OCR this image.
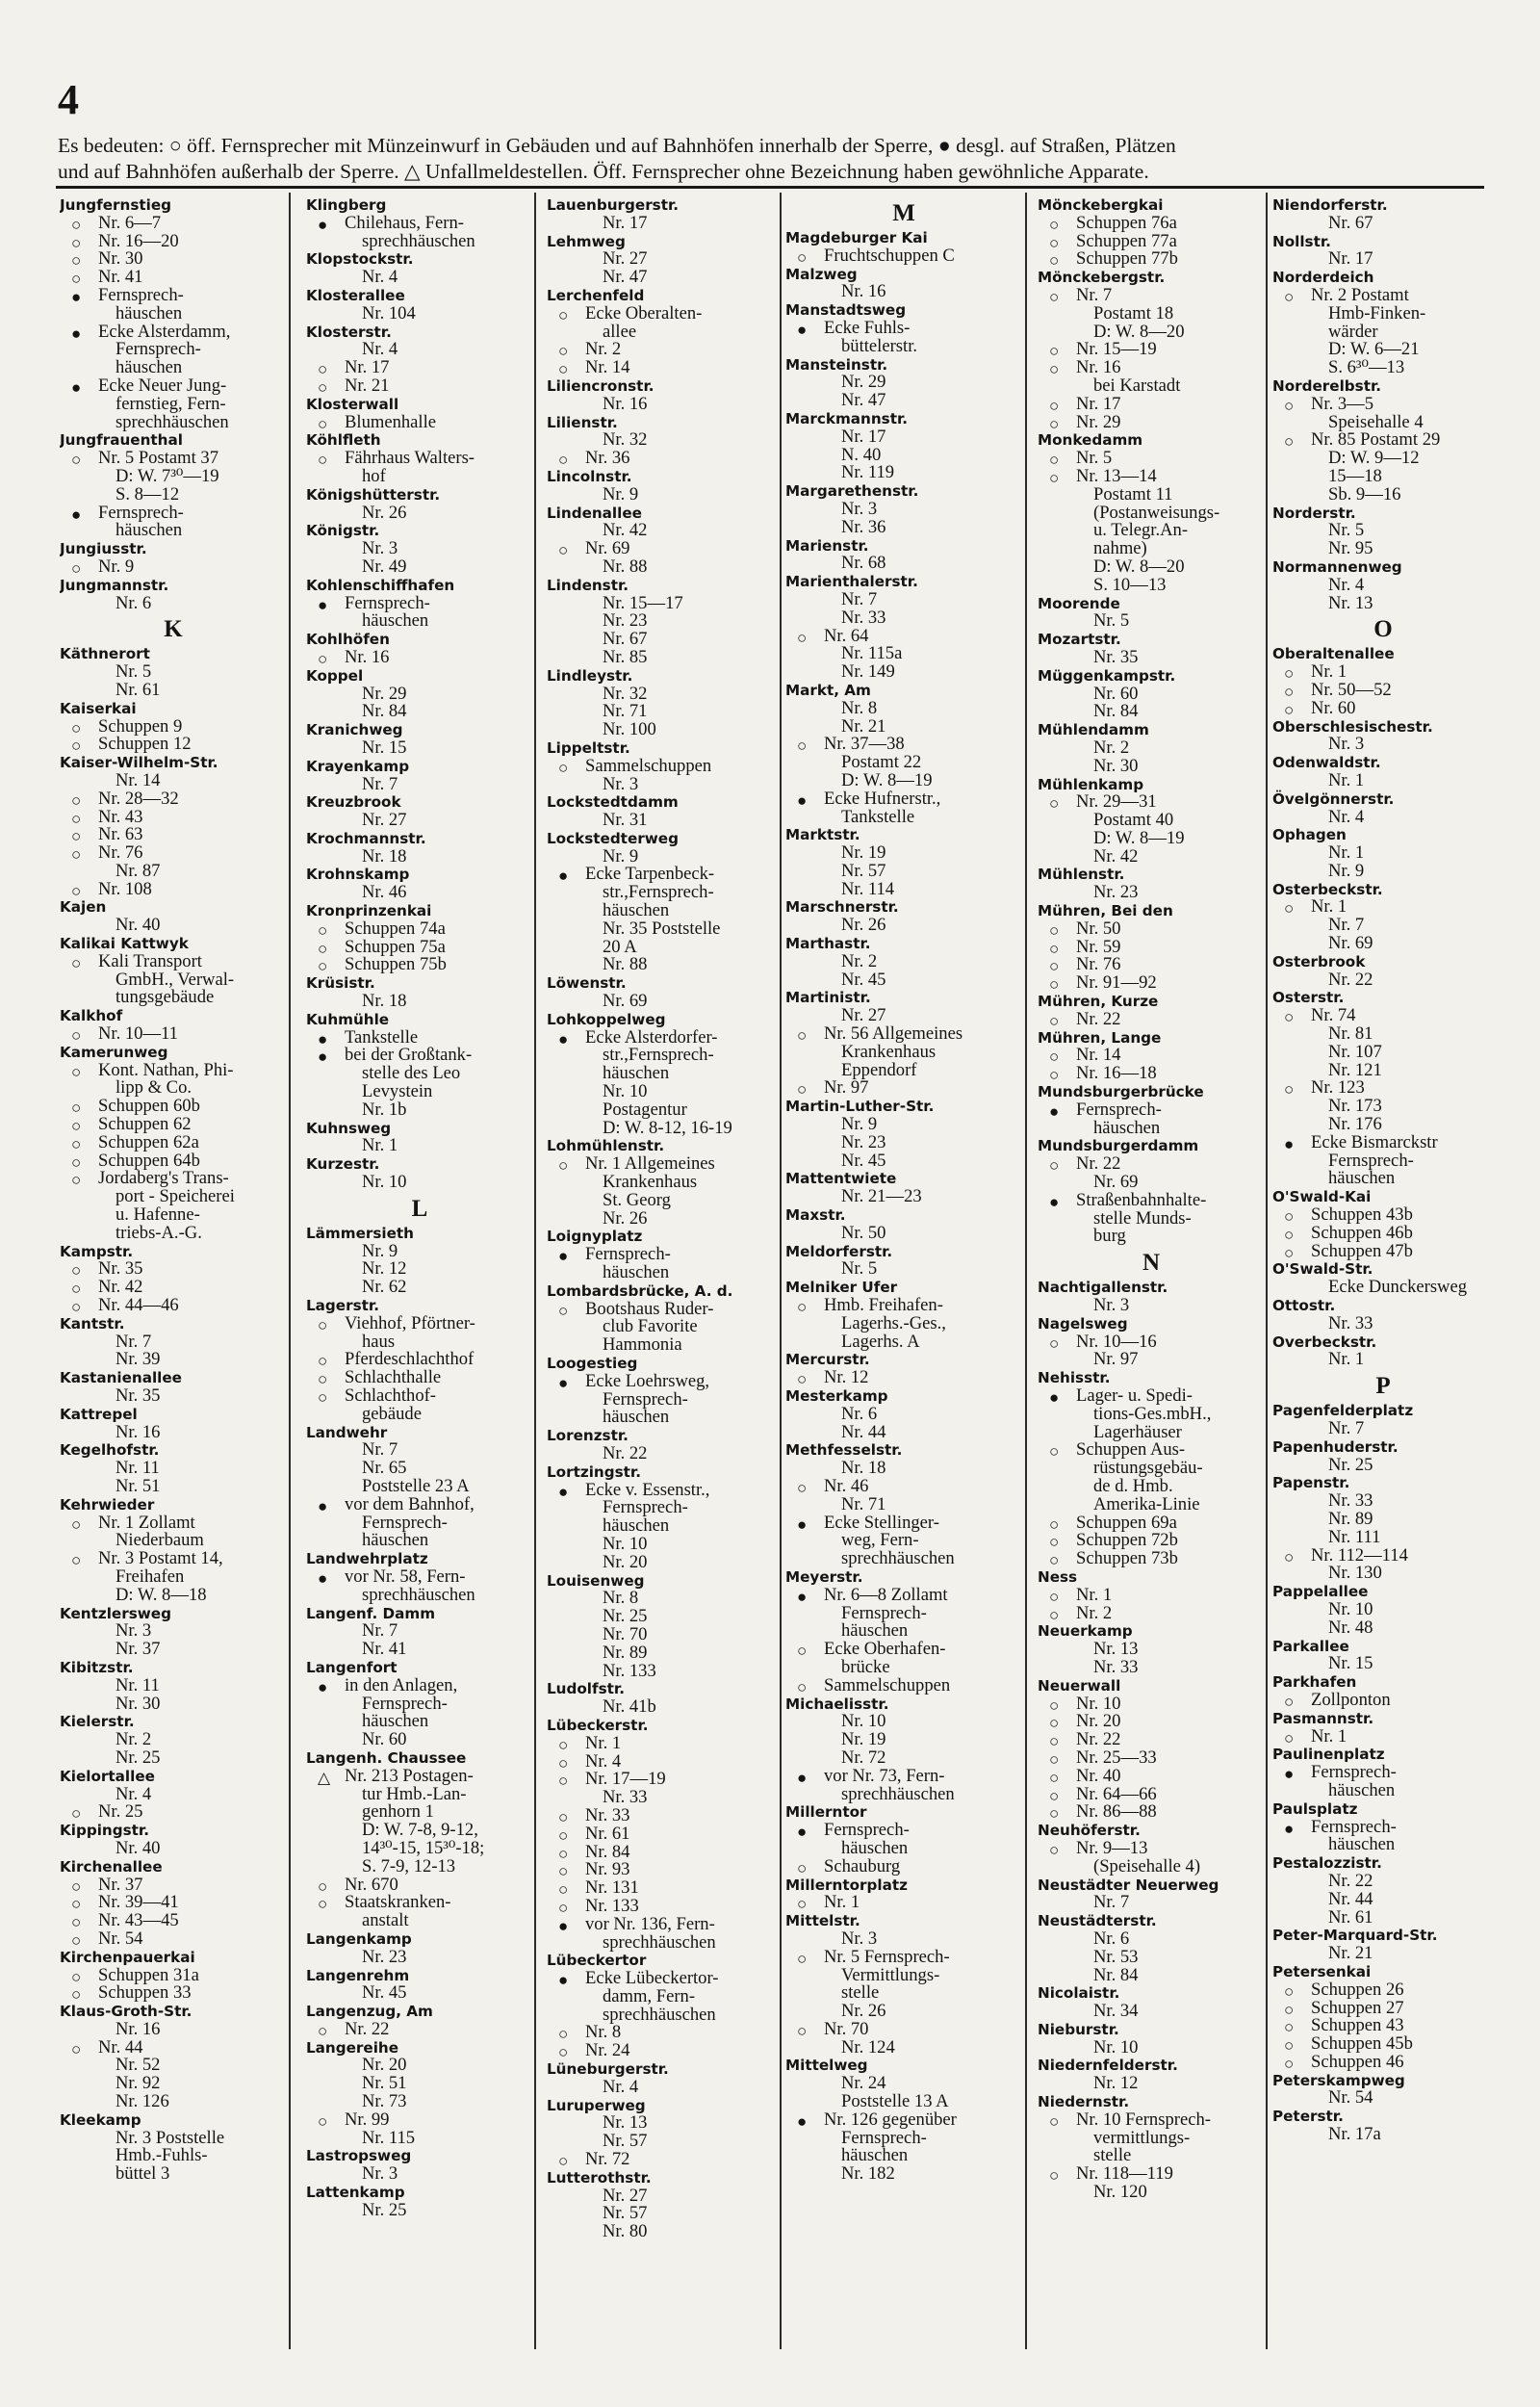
4
Es bedeuten: ○ öff. Fernsprecher mit Münzeinwurf in Gebäuden und auf Bahnhöfen innerhalb der Sperre, ● desgl. auf Straßen, Plätzen
und auf Bahnhöfen außerhalb der Sperre. △ Unfallmeldestellen. Öff. Fernsprecher ohne Bezeichnung haben gewöhnliche Apparate.
Jungfernstieg
○ Nr. 6—7
○ Nr. 16—20
○ Nr. 30
○ Nr. 41
● Fernsprech-
häuschen
● Ecke Alsterdamm,
Fernsprech-
häuschen
● Ecke Neuer Jung-
fernstieg, Fern-
sprechhäuschen
Jungfrauenthal
○ Nr. 5 Postamt 37
D: W. 7³⁰—19
S. 8—12
● Fernsprech-
häuschen
Jungiusstr.
○ Nr. 9
Jungmannstr.
Nr. 6
K
Käthnerort
Nr. 5
Nr. 61
Kaiserkai
○ Schuppen 9
○ Schuppen 12
Kaiser-Wilhelm-Str.
Nr. 14
○ Nr. 28—32
○ Nr. 43
○ Nr. 63
○ Nr. 76
Nr. 87
○ Nr. 108
Kajen
Nr. 40
Kalikai Kattwyk
○ Kali Transport
GmbH., Verwal-
tungsgebäude
Kalkhof
○ Nr. 10—11
Kamerunweg
○ Kont. Nathan, Phi-
lipp & Co.
○ Schuppen 60b
○ Schuppen 62
○ Schuppen 62a
○ Schuppen 64b
○ Jordaberg's Trans-
port - Speicherei
u. Hafenne-
triebs-A.-G.
Kampstr.
○ Nr. 35
○ Nr. 42
○ Nr. 44—46
Kantstr.
Nr. 7
Nr. 39
Kastanienallee
Nr. 35
Kattrepel
Nr. 16
Kegelhofstr.
Nr. 11
Nr. 51
Kehrwieder
○ Nr. 1 Zollamt
Niederbaum
○ Nr. 3 Postamt 14,
Freihafen
D: W. 8—18
Kentzlersweg
Nr. 3
Nr. 37
Kibitzstr.
Nr. 11
Nr. 30
Kielerstr.
Nr. 2
Nr. 25
Kielortallee
Nr. 4
○ Nr. 25
Kippingstr.
Nr. 40
Kirchenallee
○ Nr. 37
○ Nr. 39—41
○ Nr. 43—45
○ Nr. 54
Kirchenpauerkai
○ Schuppen 31a
○ Schuppen 33
Klaus-Groth-Str.
Nr. 16
○ Nr. 44
Nr. 52
Nr. 92
Nr. 126
Kleekamp
Nr. 3 Poststelle
Hmb.-Fuhls-
büttel 3
Klingberg
● Chilehaus, Fern-
sprechhäuschen
Klopstockstr.
Nr. 4
Klosterallee
Nr. 104
Klosterstr.
Nr. 4
○ Nr. 17
○ Nr. 21
Klosterwall
○ Blumenhalle
Köhlfleth
○ Fährhaus Walters-
hof
Königshütterstr.
Nr. 26
Königstr.
Nr. 3
Nr. 49
Kohlenschiffhafen
● Fernsprech-
häuschen
Kohlhöfen
○ Nr. 16
Koppel
Nr. 29
Nr. 84
Kranichweg
Nr. 15
Krayenkamp
Nr. 7
Kreuzbrook
Nr. 27
Krochmannstr.
Nr. 18
Krohnskamp
Nr. 46
Kronprinzenkai
○ Schuppen 74a
○ Schuppen 75a
○ Schuppen 75b
Krüsistr.
Nr. 18
Kuhmühle
● Tankstelle
● bei der Großtank-
stelle des Leo
Levystein
Nr. 1b
Kuhnsweg
Nr. 1
Kurzestr.
Nr. 10
L
Lämmersieth
Nr. 9
Nr. 12
Nr. 62
Lagerstr.
○ Viehhof, Pförtner-
haus
○ Pferdeschlachthof
○ Schlachthalle
○ Schlachthof-
gebäude
Landwehr
Nr. 7
Nr. 65
Poststelle 23 A
● vor dem Bahnhof,
Fernsprech-
häuschen
Landwehrplatz
● vor Nr. 58, Fern-
sprechhäuschen
Langenf. Damm
Nr. 7
Nr. 41
Langenfort
● in den Anlagen,
Fernsprech-
häuschen
Nr. 60
Langenh. Chaussee
△ Nr. 213 Postagen-
tur Hmb.-Lan-
genhorn 1
D: W. 7-8, 9-12,
14³⁰-15, 15³⁰-18;
S. 7-9, 12-13
○ Nr. 670
○ Staatskranken-
anstalt
Langenkamp
Nr. 23
Langenrehm
Nr. 45
Langenzug, Am
○ Nr. 22
Langereihe
Nr. 20
Nr. 51
Nr. 73
○ Nr. 99
Nr. 115
Lastropsweg
Nr. 3
Lattenkamp
Nr. 25
Lauenburgerstr.
Nr. 17
Lehmweg
Nr. 27
Nr. 47
Lerchenfeld
○ Ecke Oberalten-
allee
○ Nr. 2
○ Nr. 14
Liliencronstr.
Nr. 16
Lilienstr.
Nr. 32
○ Nr. 36
Lincolnstr.
Nr. 9
Lindenallee
Nr. 42
○ Nr. 69
Nr. 88
Lindenstr.
Nr. 15—17
Nr. 23
Nr. 67
Nr. 85
Lindleystr.
Nr. 32
Nr. 71
Nr. 100
Lippeltstr.
○ Sammelschuppen
Nr. 3
Lockstedtdamm
Nr. 31
Lockstedterweg
Nr. 9
● Ecke Tarpenbeck-
str.,Fernsprech-
häuschen
Nr. 35 Poststelle
20 A
Nr. 88
Löwenstr.
Nr. 69
Lohkoppelweg
● Ecke Alsterdorfer-
str.,Fernsprech-
häuschen
Nr. 10
Postagentur
D: W. 8-12, 16-19
Lohmühlenstr.
○ Nr. 1 Allgemeines
Krankenhaus
St. Georg
Nr. 26
Loignyplatz
● Fernsprech-
häuschen
Lombardsbrücke, A. d.
○ Bootshaus Ruder-
club Favorite
Hammonia
Loogestieg
● Ecke Loehrsweg,
Fernsprech-
häuschen
Lorenzstr.
Nr. 22
Lortzingstr.
● Ecke v. Essenstr.,
Fernsprech-
häuschen
Nr. 10
Nr. 20
Louisenweg
Nr. 8
Nr. 25
Nr. 70
Nr. 89
Nr. 133
Ludolfstr.
Nr. 41b
Lübeckerstr.
○ Nr. 1
○ Nr. 4
○ Nr. 17—19
Nr. 33
○ Nr. 33
○ Nr. 61
○ Nr. 84
○ Nr. 93
○ Nr. 131
○ Nr. 133
● vor Nr. 136, Fern-
sprechhäuschen
Lübeckertor
● Ecke Lübeckertor-
damm, Fern-
sprechhäuschen
○ Nr. 8
○ Nr. 24
Lüneburgerstr.
Nr. 4
Luruperweg
Nr. 13
Nr. 57
○ Nr. 72
Lutterothstr.
Nr. 27
Nr. 57
Nr. 80
M
Magdeburger Kai
○ Fruchtschuppen C
Malzweg
Nr. 16
Manstadtsweg
● Ecke Fuhls-
büttelerstr.
Mansteinstr.
Nr. 29
Nr. 47
Marckmannstr.
Nr. 17
N. 40
Nr. 119
Margarethenstr.
Nr. 3
Nr. 36
Marienstr.
Nr. 68
Marienthalerstr.
Nr. 7
Nr. 33
○ Nr. 64
Nr. 115a
Nr. 149
Markt, Am
Nr. 8
Nr. 21
○ Nr. 37—38
Postamt 22
D: W. 8—19
● Ecke Hufnerstr.,
Tankstelle
Marktstr.
Nr. 19
Nr. 57
Nr. 114
Marschnerstr.
Nr. 26
Marthastr.
Nr. 2
Nr. 45
Martinistr.
Nr. 27
○ Nr. 56 Allgemeines
Krankenhaus
Eppendorf
○ Nr. 97
Martin-Luther-Str.
Nr. 9
Nr. 23
Nr. 45
Mattentwiete
Nr. 21—23
Maxstr.
Nr. 50
Meldorferstr.
Nr. 5
Melniker Ufer
○ Hmb. Freihafen-
Lagerhs.-Ges.,
Lagerhs. A
Mercurstr.
○ Nr. 12
Mesterkamp
Nr. 6
Nr. 44
Methfesselstr.
Nr. 18
○ Nr. 46
Nr. 71
● Ecke Stellinger-
weg, Fern-
sprechhäuschen
Meyerstr.
● Nr. 6—8 Zollamt
Fernsprech-
häuschen
○ Ecke Oberhafen-
brücke
○ Sammelschuppen
Michaelisstr.
Nr. 10
Nr. 19
Nr. 72
● vor Nr. 73, Fern-
sprechhäuschen
Millerntor
● Fernsprech-
häuschen
○ Schauburg
Millerntorplatz
○ Nr. 1
Mittelstr.
Nr. 3
○ Nr. 5 Fernsprech-
Vermittlungs-
stelle
Nr. 26
○ Nr. 70
Nr. 124
Mittelweg
Nr. 24
Poststelle 13 A
● Nr. 126 gegenüber
Fernsprech-
häuschen
Nr. 182
Mönckebergkai
○ Schuppen 76a
○ Schuppen 77a
○ Schuppen 77b
Mönckebergstr.
○ Nr. 7
Postamt 18
D: W. 8—20
○ Nr. 15—19
○ Nr. 16
bei Karstadt
○ Nr. 17
○ Nr. 29
Monkedamm
○ Nr. 5
○ Nr. 13—14
Postamt 11
(Postanweisungs-
u. Telegr.An-
nahme)
D: W. 8—20
S. 10—13
Moorende
Nr. 5
Mozartstr.
Nr. 35
Müggenkampstr.
Nr. 60
Nr. 84
Mühlendamm
Nr. 2
Nr. 30
Mühlenkamp
○ Nr. 29—31
Postamt 40
D: W. 8—19
Nr. 42
Mühlenstr.
Nr. 23
Mühren, Bei den
○ Nr. 50
○ Nr. 59
○ Nr. 76
○ Nr. 91—92
Mühren, Kurze
○ Nr. 22
Mühren, Lange
○ Nr. 14
○ Nr. 16—18
Mundsburgerbrücke
● Fernsprech-
häuschen
Mundsburgerdamm
○ Nr. 22
Nr. 69
● Straßenbahnhalte-
stelle Munds-
burg
N
Nachtigallenstr.
Nr. 3
Nagelsweg
○ Nr. 10—16
Nr. 97
Nehisstr.
● Lager- u. Spedi-
tions-Ges.mbH.,
Lagerhäuser
○ Schuppen Aus-
rüstungsgebäu-
de d. Hmb.
Amerika-Linie
○ Schuppen 69a
○ Schuppen 72b
○ Schuppen 73b
Ness
○ Nr. 1
○ Nr. 2
Neuerkamp
Nr. 13
Nr. 33
Neuerwall
○ Nr. 10
○ Nr. 20
○ Nr. 22
○ Nr. 25—33
○ Nr. 40
○ Nr. 64—66
○ Nr. 86—88
Neuhöferstr.
○ Nr. 9—13
(Speisehalle 4)
Neustädter Neuerweg
Nr. 7
Neustädterstr.
Nr. 6
Nr. 53
Nr. 84
Nicolaistr.
Nr. 34
Nieburstr.
Nr. 10
Niedernfelderstr.
Nr. 12
Niedernstr.
○ Nr. 10 Fernsprech-
vermittlungs-
stelle
○ Nr. 118—119
Nr. 120
Niendorferstr.
Nr. 67
Nollstr.
Nr. 17
Norderdeich
○ Nr. 2 Postamt
Hmb-Finken-
wärder
D: W. 6—21
S. 6³⁰—13
Norderelbstr.
○ Nr. 3—5
Speisehalle 4
○ Nr. 85 Postamt 29
D: W. 9—12
15—18
Sb. 9—16
Norderstr.
Nr. 5
Nr. 95
Normannenweg
Nr. 4
Nr. 13
O
Oberaltenallee
○ Nr. 1
○ Nr. 50—52
○ Nr. 60
Oberschlesischestr.
Nr. 3
Odenwaldstr.
Nr. 1
Övelgönnerstr.
Nr. 4
Ophagen
Nr. 1
Nr. 9
Osterbeckstr.
○ Nr. 1
Nr. 7
Nr. 69
Osterbrook
Nr. 22
Osterstr.
○ Nr. 74
Nr. 81
Nr. 107
Nr. 121
○ Nr. 123
Nr. 173
Nr. 176
● Ecke Bismarckstr
Fernsprech-
häuschen
O'Swald-Kai
○ Schuppen 43b
○ Schuppen 46b
○ Schuppen 47b
O'Swald-Str.
Ecke Dunckersweg
Ottostr.
Nr. 33
Overbeckstr.
Nr. 1
P
Pagenfelderplatz
Nr. 7
Papenhuderstr.
Nr. 25
Papenstr.
Nr. 33
Nr. 89
Nr. 111
○ Nr. 112—114
Nr. 130
Pappelallee
Nr. 10
Nr. 48
Parkallee
Nr. 15
Parkhafen
○ Zollponton
Pasmannstr.
○ Nr. 1
Paulinenplatz
● Fernsprech-
häuschen
Paulsplatz
● Fernsprech-
häuschen
Pestalozzistr.
Nr. 22
Nr. 44
Nr. 61
Peter-Marquard-Str.
Nr. 21
Petersenkai
○ Schuppen 26
○ Schuppen 27
○ Schuppen 43
○ Schuppen 45b
○ Schuppen 46
Peterskampweg
Nr. 54
Peterstr.
Nr. 17a
